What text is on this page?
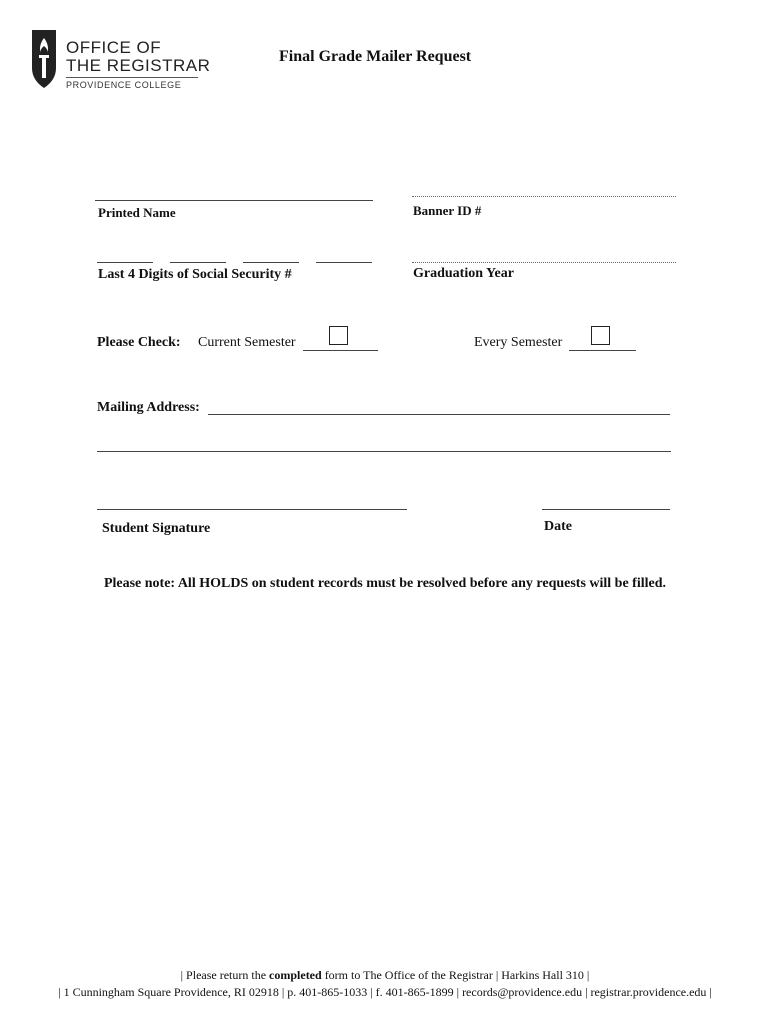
OFFICE OF
THE REGISTRAR
PROVIDENCE COLLEGE
Final Grade Mailer Request
Printed Name	Banner ID #
Last 4 Digits of Social Security #	Graduation Year
Please Check: Current Semester	Every Semester
Mailing Address:
Student Signature	Date
Please note: All HOLDS on student records must be resolved before any requests will be filled.
| Please return the completed form to The Office of the Registrar | Harkins Hall 310 |
| 1 Cunningham Square Providence, RI 02918 | p. 401-865-1033 | f. 401-865-1899 | records@providence.edu | registrar.providence.edu |
